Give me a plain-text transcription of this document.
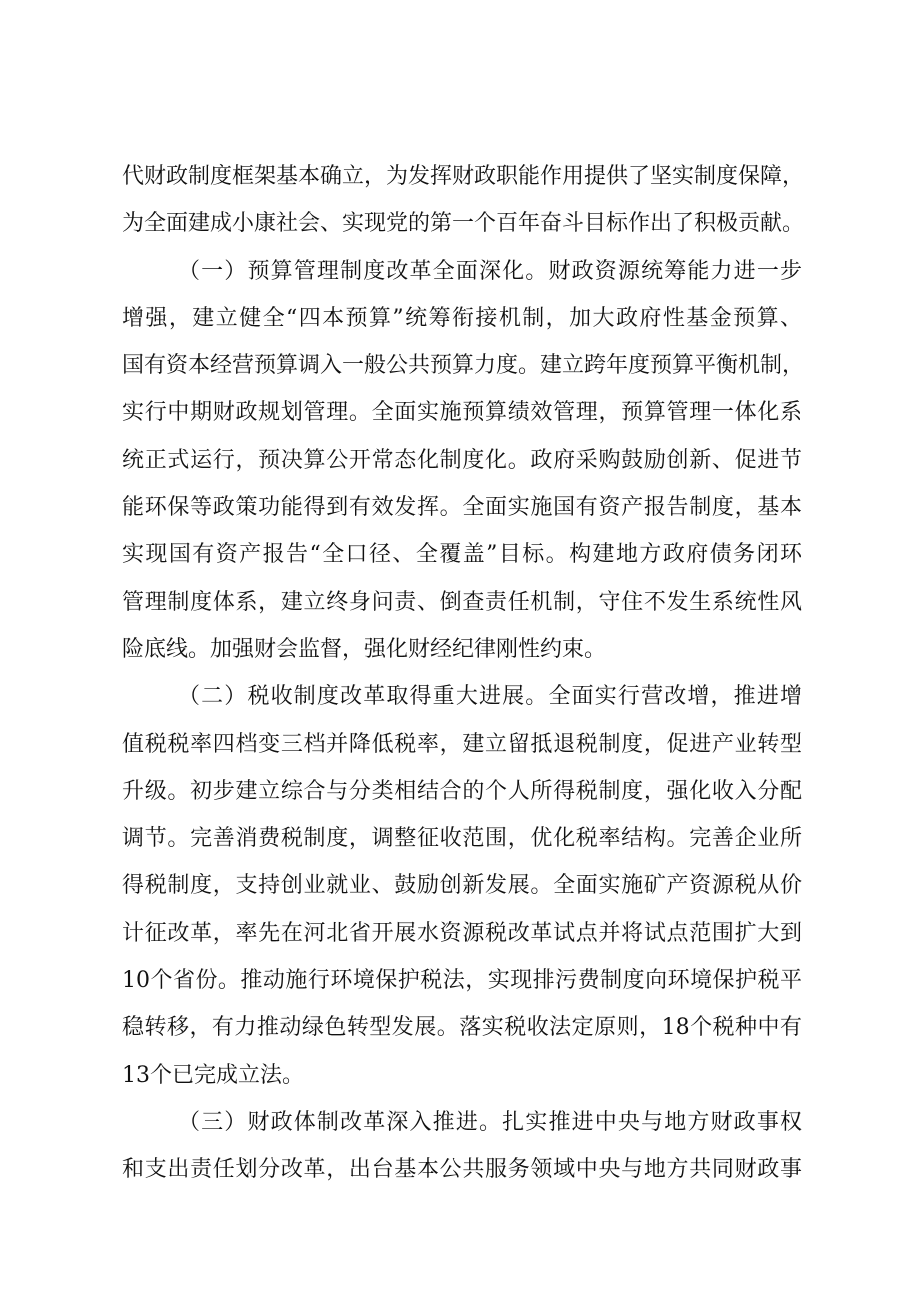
代财政制度框架基本确立，为发挥财政职能作用提供了坚实制度保障，
为全面建成小康社会、实现党的第一个百年奋斗目标作出了积极贡献。
（一）预算管理制度改革全面深化。财政资源统筹能力进一步
增强，建立健全“四本预算”统筹衔接机制，加大政府性基金预算、
国有资本经营预算调入一般公共预算力度。建立跨年度预算平衡机制，
实行中期财政规划管理。全面实施预算绩效管理，预算管理一体化系
统正式运行，预决算公开常态化制度化。政府采购鼓励创新、促进节
能环保等政策功能得到有效发挥。全面实施国有资产报告制度，基本
实现国有资产报告“全口径、全覆盖”目标。构建地方政府债务闭环
管理制度体系，建立终身问责、倒查责任机制，守住不发生系统性风
险底线。加强财会监督，强化财经纪律刚性约束。
（二）税收制度改革取得重大进展。全面实行营改增，推进增
值税税率四档变三档并降低税率，建立留抵退税制度，促进产业转型
升级。初步建立综合与分类相结合的个人所得税制度，强化收入分配
调节。完善消费税制度，调整征收范围，优化税率结构。完善企业所
得税制度，支持创业就业、鼓励创新发展。全面实施矿产资源税从价
计征改革，率先在河北省开展水资源税改革试点并将试点范围扩大到
10个省份。推动施行环境保护税法，实现排污费制度向环境保护税平
稳转移，有力推动绿色转型发展。落实税收法定原则，18个税种中有
13个已完成立法。
（三）财政体制改革深入推进。扎实推进中央与地方财政事权
和支出责任划分改革，出台基本公共服务领域中央与地方共同财政事
